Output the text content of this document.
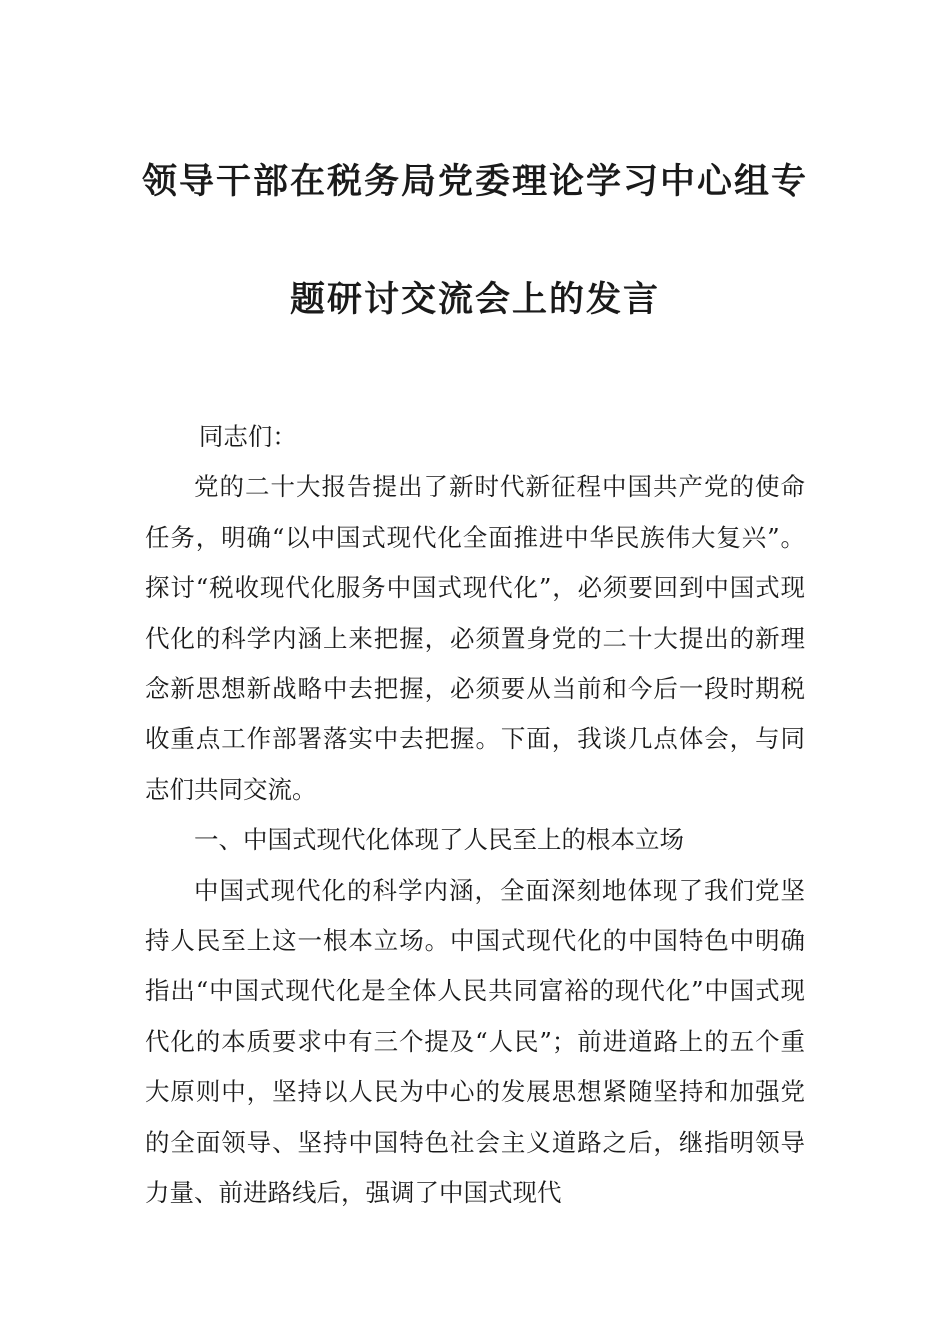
领导干部在税务局党委理论学习中心组专
题研讨交流会上的发言

同志们：

党的二十大报告提出了新时代新征程中国共产党的使命任务，明确“以中国式现代化全面推进中华民族伟大复兴”。探讨“税收现代化服务中国式现代化”，必须要回到中国式现代化的科学内涵上来把握，必须置身党的二十大提出的新理念新思想新战略中去把握，必须要从当前和今后一段时期税收重点工作部署落实中去把握。下面，我谈几点体会，与同志们共同交流。

一、中国式现代化体现了人民至上的根本立场

中国式现代化的科学内涵，全面深刻地体现了我们党坚持人民至上这一根本立场。中国式现代化的中国特色中明确指出“中国式现代化是全体人民共同富裕的现代化”中国式现代化的本质要求中有三个提及“人民”；前进道路上的五个重大原则中，坚持以人民为中心的发展思想紧随坚持和加强党的全面领导、坚持中国特色社会主义道路之后，继指明领导力量、前进路线后，强调了中国式现代
